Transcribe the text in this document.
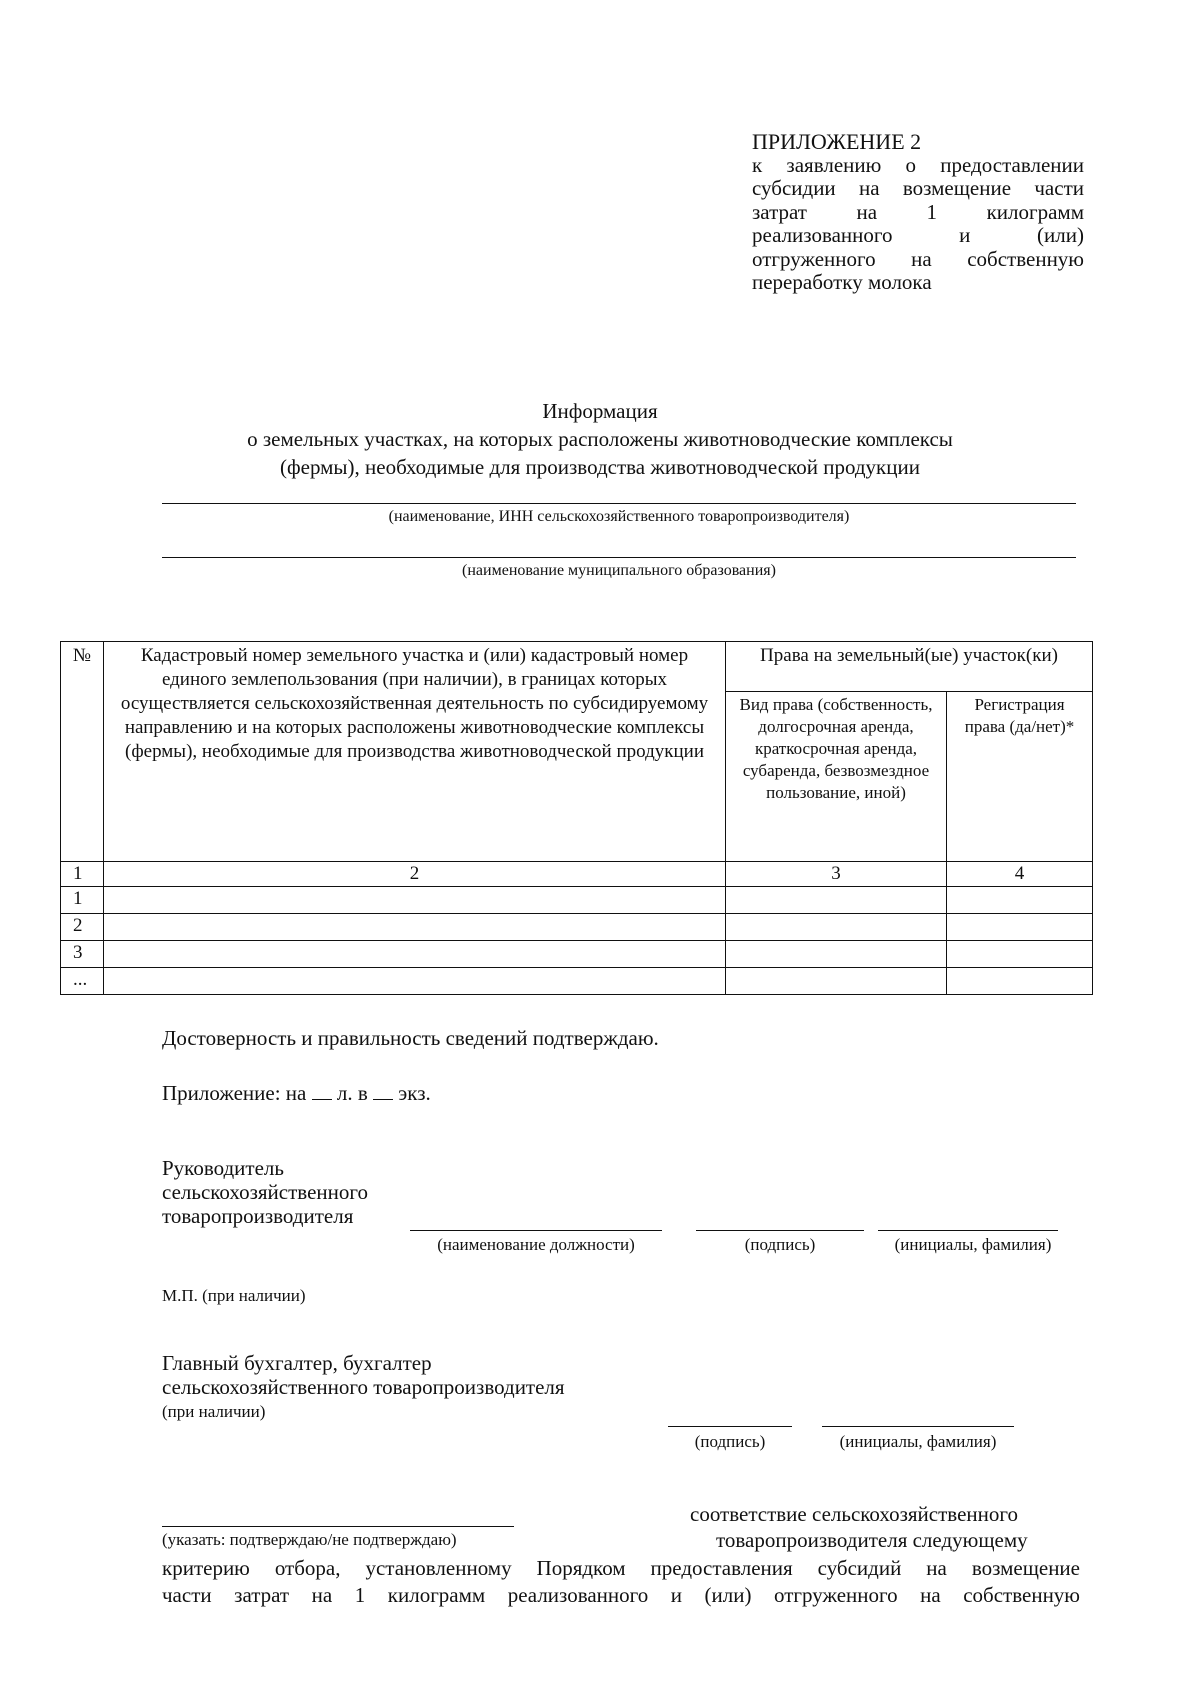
ПРИЛОЖЕНИЕ 2
к заявлению о предоставлении
субсидии на возмещение части
затрат на 1 килограмм
реализованного и (или)
отгруженного на собственную
переработку молока
Информация
о земельных участках, на которых расположены животноводческие комплексы
(фермы), необходимые для производства животноводческой продукции
(наименование, ИНН сельскохозяйственного товаропроизводителя)
(наименование муниципального образования)
№	Кадастровый номер земельного участка и (или) кадастровый номер единого землепользования (при наличии), в границах которых осуществляется сельскохозяйственная деятельность по субсидируемому направлению и на которых расположены животноводческие комплексы (фермы), необходимые для производства животноводческой продукции	Права на земельный(ые) участок(ки)	
		Вид права (собственность, долгосрочная аренда, краткосрочная аренда, субаренда, безвозмездное пользование, иной)	Регистрация права (да/нет)*
1	2	3	4
1			
2			
3			
...			
Достоверность и правильность сведений подтверждаю.
Приложение: на л. в экз.
Руководитель
сельскохозяйственного
товаропроизводителя
(наименование должности)	(подпись)	(инициалы, фамилия)
М.П. (при наличии)
Главный бухгалтер, бухгалтер
сельскохозяйственного товаропроизводителя
(при наличии)
(подпись)	(инициалы, фамилия)
соответствие сельскохозяйственного
(указать: подтверждаю/не подтверждаю)	товаропроизводителя следующему
критерию отбора, установленному Порядком предоставления субсидий на возмещение
части затрат на 1 килограмм реализованного и (или) отгруженного на собственную
